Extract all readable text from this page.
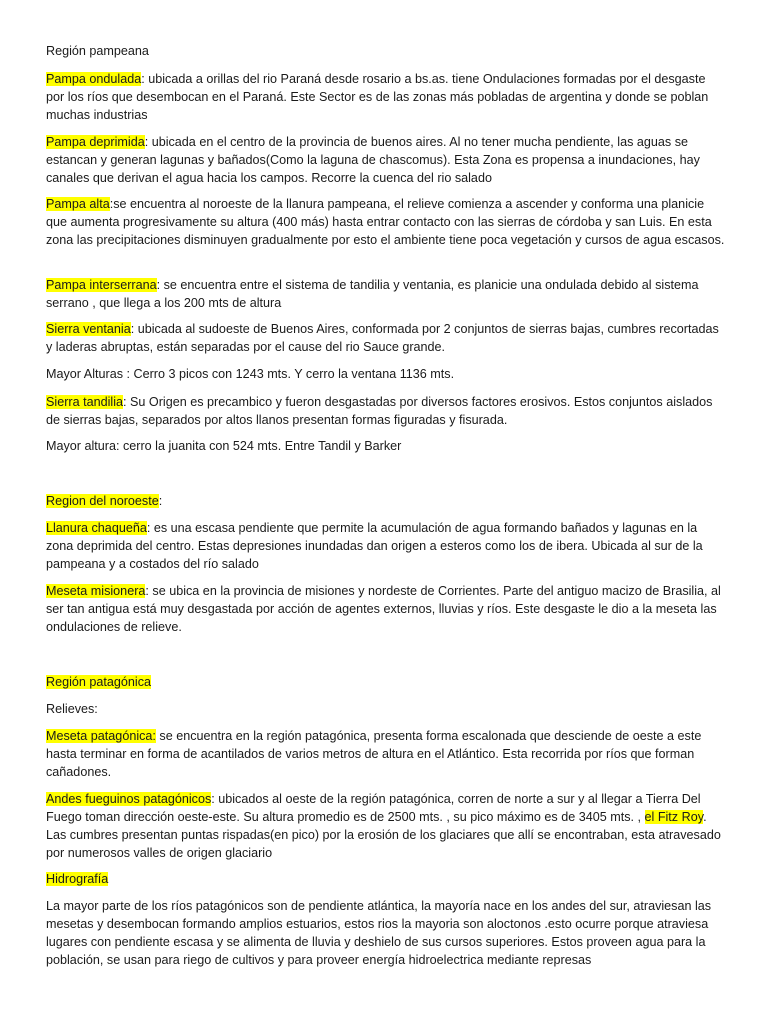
Región pampeana

Pampa ondulada: ubicada a orillas del rio Paraná desde rosario a bs.as. tiene Ondulaciones formadas por el desgaste por los ríos que desembocan en el Paraná. Este Sector es de las zonas más pobladas de argentina y donde se poblan muchas industrias

Pampa deprimida: ubicada en el centro de la provincia de buenos aires. Al no tener mucha pendiente, las aguas se estancan y generan lagunas y bañados(Como la laguna de chascomus). Esta Zona es propensa a inundaciones, hay canales que derivan el agua hacia los campos. Recorre la cuenca del rio salado

Pampa alta:se encuentra al noroeste de la llanura pampeana, el relieve comienza a ascender y conforma una planicie que aumenta progresivamente su altura (400 más) hasta entrar contacto con las sierras de córdoba y san Luis. En esta zona las precipitaciones disminuyen gradualmente por esto el ambiente tiene poca vegetación y cursos de agua escasos.

Pampa interserrana: se encuentra entre el sistema de tandilia y ventania, es planicie una ondulada debido al sistema serrano , que llega a los 200 mts de altura

Sierra ventania: ubicada al sudoeste de Buenos Aires, conformada por 2 conjuntos de sierras bajas, cumbres recortadas y laderas abruptas, están separadas por el cause del rio Sauce grande.

Mayor Alturas : Cerro 3 picos con 1243 mts. Y cerro la ventana 1136 mts.

Sierra tandilia: Su Origen es precambico y fueron desgastadas por diversos factores erosivos. Estos conjuntos aislados de sierras bajas, separados por altos llanos presentan formas figuradas y fisurada.

Mayor altura: cerro la juanita con 524 mts. Entre Tandil y Barker

Region del noroeste:

Llanura chaqueña: es una escasa pendiente que permite la acumulación de agua formando bañados y lagunas en la zona deprimida del centro. Estas depresiones inundadas dan origen a esteros como los de ibera. Ubicada al sur de la pampeana y a costados del río salado

Meseta misionera: se ubica en la provincia de misiones y nordeste de Corrientes. Parte del antiguo macizo de Brasilia, al ser tan antigua está muy desgastada por acción de agentes externos, lluvias y ríos. Este desgaste le dio a la meseta las ondulaciones de relieve.

Región patagónica

Relieves:

Meseta patagónica: se encuentra en la región patagónica, presenta forma escalonada que desciende de oeste a este hasta terminar en forma de acantilados de varios metros de altura en el Atlántico. Esta recorrida por ríos que forman cañadones.

Andes fueguinos patagónicos: ubicados al oeste de la región patagónica, corren de norte a sur y al llegar a Tierra Del Fuego toman dirección oeste-este. Su altura promedio es de 2500 mts. , su pico máximo es de 3405 mts. , el Fitz Roy. Las cumbres presentan puntas rispadas(en pico) por la erosión de los glaciares que allí se encontraban, esta atravesado por numerosos valles de origen glaciario

Hidrografía

La mayor parte de los ríos patagónicos son de pendiente atlántica, la mayoría nace en los andes del sur, atraviesan las mesetas y desembocan formando amplios estuarios, estos rios la mayoria son aloctonos .esto ocurre porque atraviesa lugares con pendiente escasa y se alimenta de lluvia y deshielo de sus cursos superiores. Estos proveen agua para la población, se usan para riego de cultivos y para proveer energía hidroelectrica mediante represas
